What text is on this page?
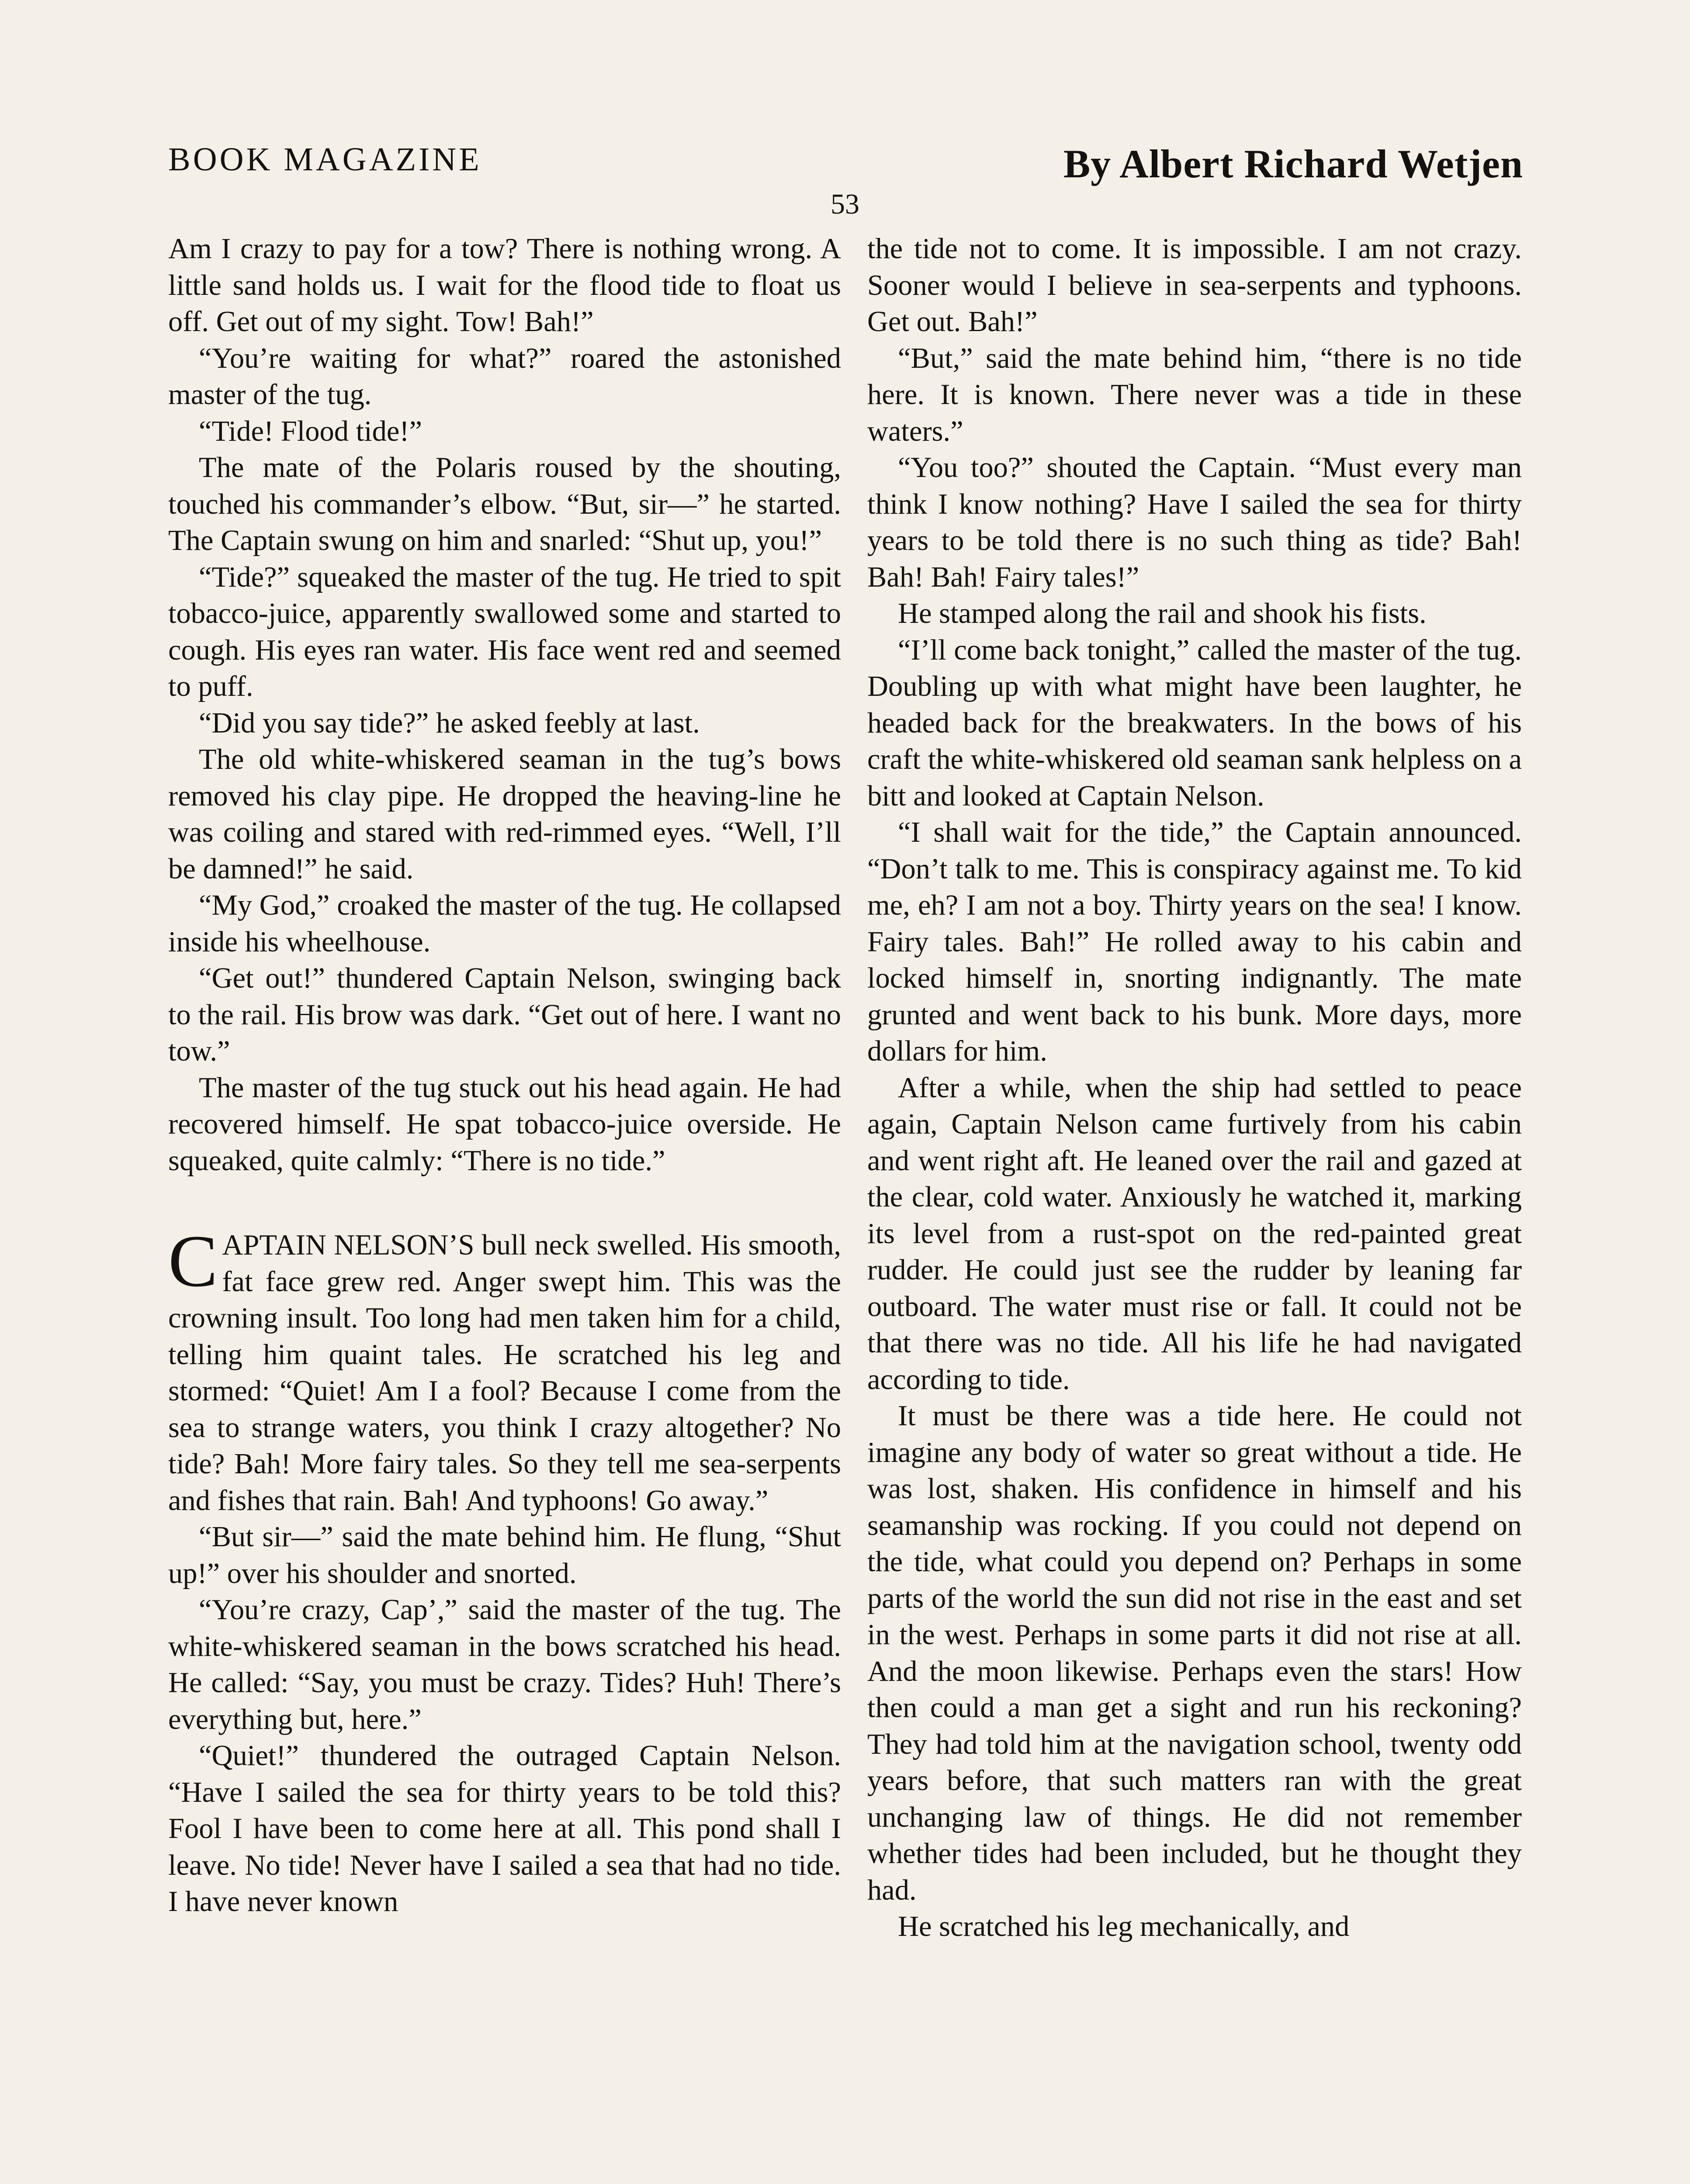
BOOK MAGAZINE	By Albert Richard Wetjen
53

Am I crazy to pay for a tow? There is nothing wrong. A little sand holds us. I wait for the flood tide to float us off. Get out of my sight. Tow! Bah!”

“You’re waiting for what?” roared the astonished master of the tug.

“Tide! Flood tide!”

The mate of the Polaris roused by the shouting, touched his commander’s elbow. “But, sir—” he started. The Captain swung on him and snarled: “Shut up, you!”

“Tide?” squeaked the master of the tug. He tried to spit tobacco-juice, apparently swallowed some and started to cough. His eyes ran water. His face went red and seemed to puff.

“Did you say tide?” he asked feebly at last.

The old white-whiskered seaman in the tug’s bows removed his clay pipe. He dropped the heaving-line he was coiling and stared with red-rimmed eyes. “Well, I’ll be damned!” he said.

“My God,” croaked the master of the tug. He collapsed inside his wheelhouse.

“Get out!” thundered Captain Nelson, swinging back to the rail. His brow was dark. “Get out of here. I want no tow.”

The master of the tug stuck out his head again. He had recovered himself. He spat tobacco-juice overside. He squeaked, quite calmly: “There is no tide.”

CAPTAIN NELSON’S bull neck swelled. His smooth, fat face grew red. Anger swept him. This was the crowning insult. Too long had men taken him for a child, telling him quaint tales. He scratched his leg and stormed: “Quiet! Am I a fool? Because I come from the sea to strange waters, you think I crazy altogether? No tide? Bah! More fairy tales. So they tell me sea-serpents and fishes that rain. Bah! And typhoons! Go away.”

“But sir—” said the mate behind him. He flung, “Shut up!” over his shoulder and snorted.

“You’re crazy, Cap’,” said the master of the tug. The white-whiskered seaman in the bows scratched his head. He called: “Say, you must be crazy. Tides? Huh! There’s everything but, here.”

“Quiet!” thundered the outraged Captain Nelson. “Have I sailed the sea for thirty years to be told this? Fool I have been to come here at all. This pond shall I leave. No tide! Never have I sailed a sea that had no tide. I have never known

the tide not to come. It is impossible. I am not crazy. Sooner would I believe in sea-serpents and typhoons. Get out. Bah!”

“But,” said the mate behind him, “there is no tide here. It is known. There never was a tide in these waters.”

“You too?” shouted the Captain. “Must every man think I know nothing? Have I sailed the sea for thirty years to be told there is no such thing as tide? Bah! Bah! Bah! Fairy tales!”

He stamped along the rail and shook his fists.

“I’ll come back tonight,” called the master of the tug. Doubling up with what might have been laughter, he headed back for the breakwaters. In the bows of his craft the white-whiskered old seaman sank helpless on a bitt and looked at Captain Nelson.

“I shall wait for the tide,” the Captain announced. “Don’t talk to me. This is conspiracy against me. To kid me, eh? I am not a boy. Thirty years on the sea! I know. Fairy tales. Bah!” He rolled away to his cabin and locked himself in, snorting indignantly. The mate grunted and went back to his bunk. More days, more dollars for him.

After a while, when the ship had settled to peace again, Captain Nelson came furtively from his cabin and went right aft. He leaned over the rail and gazed at the clear, cold water. Anxiously he watched it, marking its level from a rust-spot on the red-painted great rudder. He could just see the rudder by leaning far outboard. The water must rise or fall. It could not be that there was no tide. All his life he had navigated according to tide.

It must be there was a tide here. He could not imagine any body of water so great without a tide. He was lost, shaken. His confidence in himself and his seamanship was rocking. If you could not depend on the tide, what could you depend on? Perhaps in some parts of the world the sun did not rise in the east and set in the west. Perhaps in some parts it did not rise at all. And the moon likewise. Perhaps even the stars! How then could a man get a sight and run his reckoning? They had told him at the navigation school, twenty odd years before, that such matters ran with the great unchanging law of things. He did not remember whether tides had been included, but he thought they had.

He scratched his leg mechanically, and
